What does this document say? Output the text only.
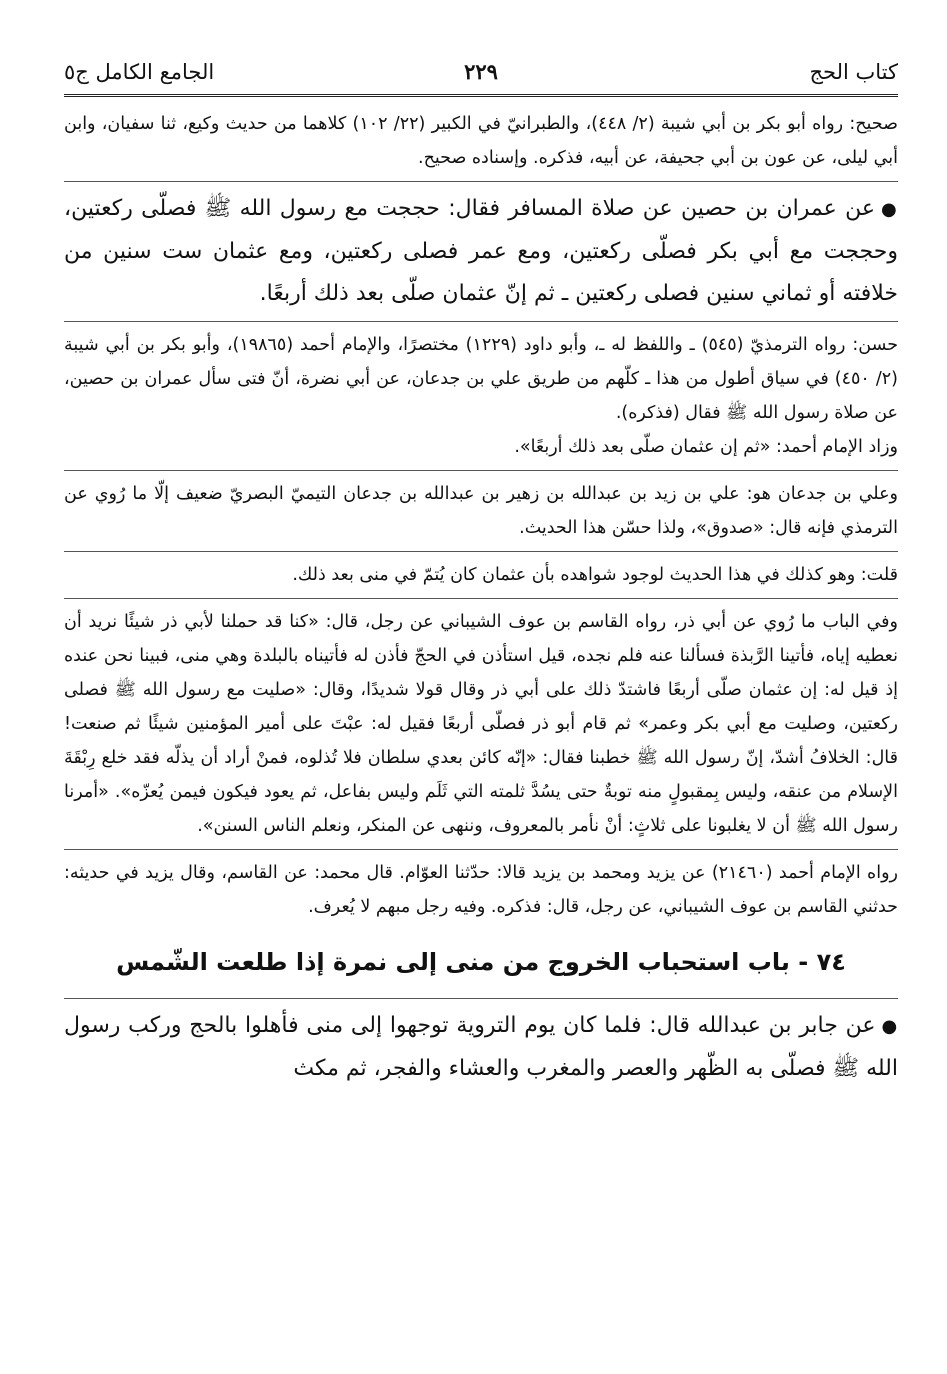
كتاب الحج
٢٢٩
الجامع الكامل ج٥

صحيح: رواه أبو بكر بن أبي شيبة (٢/ ٤٤٨)، والطبرانيّ في الكبير (٢٢/ ١٠٢) كلاهما من حديث وكيع، ثنا سفيان، وابن أبي ليلى، عن عون بن أبي جحيفة، عن أبيه، فذكره. وإسناده صحيح.

●عن عمران بن حصين عن صلاة المسافر فقال: حججت مع رسول الله ﷺ فصلّى ركعتين، وحججت مع أبي بكر فصلّى ركعتين، ومع عمر فصلى ركعتين، ومع عثمان ست سنين من خلافته أو ثماني سنين فصلى ركعتين ـ ثم إنّ عثمان صلّى بعد ذلك أربعًا.

حسن: رواه الترمذيّ (٥٤٥) ـ واللفظ له ـ، وأبو داود (١٢٢٩) مختصرًا، والإمام أحمد (١٩٨٦٥)، وأبو بكر بن أبي شيبة (٢/ ٤٥٠) في سياق أطول من هذا ـ كلّهم من طريق علي بن جدعان، عن أبي نضرة، أنّ فتى سأل عمران بن حصين، عن صلاة رسول الله ﷺ فقال (فذكره).

وزاد الإمام أحمد: «ثم إن عثمان صلّى بعد ذلك أربعًا».

وعلي بن جدعان هو: علي بن زيد بن عبدالله بن زهير بن عبدالله بن جدعان التيميّ البصريّ ضعيف إلّا ما رُوي عن الترمذي فإنه قال: «صدوق»، ولذا حسّن هذا الحديث.

قلت: وهو كذلك في هذا الحديث لوجود شواهده بأن عثمان كان يُتمّ في منى بعد ذلك.

وفي الباب ما رُوي عن أبي ذر، رواه القاسم بن عوف الشيباني عن رجل، قال: «كنا قد حملنا لأبي ذر شيئًا نريد أن نعطيه إياه، فأتينا الرَّبذة فسألنا عنه فلم نجده، قيل استأذن في الحجّ فأذن له فأتيناه بالبلدة وهي منى، فبينا نحن عنده إذ قيل له: إن عثمان صلّى أربعًا فاشتدّ ذلك على أبي ذر وقال قولا شديدًا، وقال: «صليت مع رسول الله ﷺ فصلى ركعتين، وصليت مع أبي بكر وعمر» ثم قام أبو ذر فصلّى أربعًا فقيل له: عبْتَ على أمير المؤمنين شيئًا ثم صنعت! قال: الخلافُ أشدّ، إنّ رسول الله ﷺ خطبنا فقال: «إنّه كائن بعدي سلطان فلا تُذلوه، فمنْ أراد أن يذلّه فقد خلع رِبْقَةَ الإسلام من عنقه، وليس بِمقبولٍ منه توبةٌ حتى يسُدَّ ثلمته التي ثَلَم وليس بفاعل، ثم يعود فيكون فيمن يُعزّه». «أمرنا رسول الله ﷺ أن لا يغلبونا على ثلاثٍ: أنْ نأمر بالمعروف، وننهى عن المنكر، ونعلم الناس السنن».

رواه الإمام أحمد (٢١٤٦٠) عن يزيد ومحمد بن يزيد قالا: حدّثنا العوّام. قال محمد: عن القاسم، وقال يزيد في حديثه: حدثني القاسم بن عوف الشيباني، عن رجل، قال: فذكره. وفيه رجل مبهم لا يُعرف.

٧٤ - باب استحباب الخروج من منى إلى نمرة إذا طلعت الشّمس

●عن جابر بن عبدالله قال: فلما كان يوم التروية توجهوا إلى منى فأهلوا بالحج وركب رسول الله ﷺ فصلّى به الظّهر والعصر والمغرب والعشاء والفجر، ثم مكث
